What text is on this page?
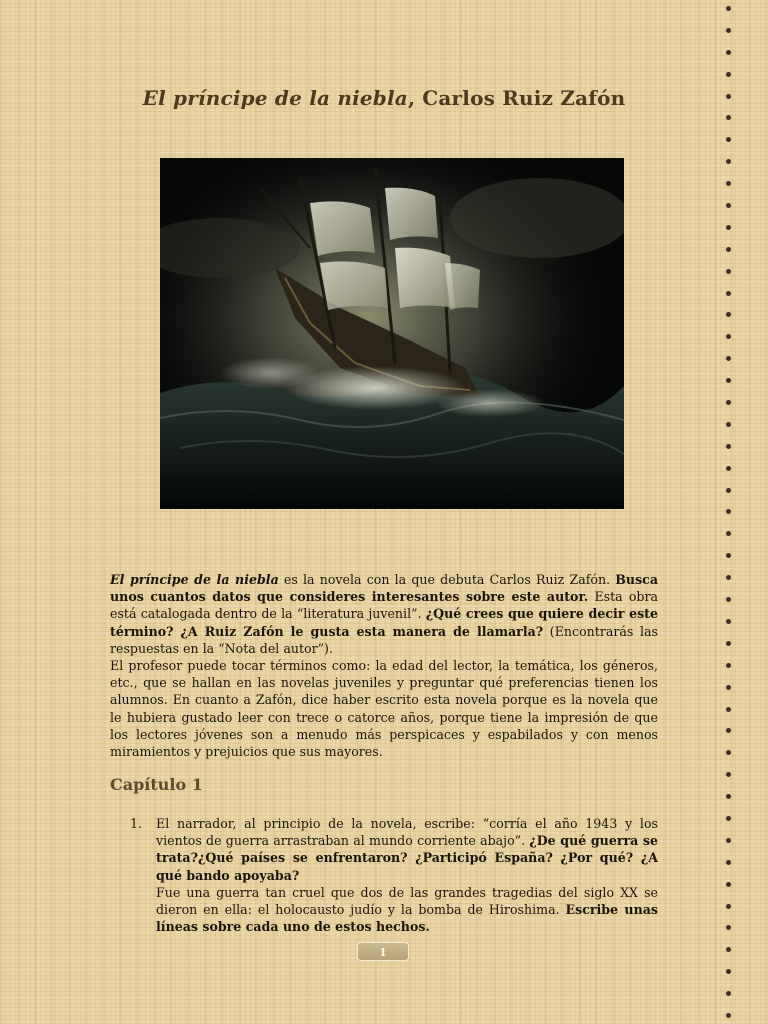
El príncipe de la niebla, Carlos Ruiz Zafón

El príncipe de la niebla es la novela con la que debuta Carlos Ruiz Zafón. Busca unos cuantos datos que consideres interesantes sobre este autor. Esta obra está catalogada dentro de la “literatura juvenil”. ¿Qué crees que quiere decir este término? ¿A Ruiz Zafón le gusta esta manera de llamarla? (Encontrarás las respuestas en la “Nota del autor”).

El profesor puede tocar términos como: la edad del lector, la temática, los géneros, etc., que se hallan en las novelas juveniles y preguntar qué preferencias tienen los alumnos. En cuanto a Zafón, dice haber escrito esta novela porque es la novela que le hubiera gustado leer con trece o catorce años, porque tiene la impresión de que los lectores jóvenes son a menudo más perspicaces y espabilados y con menos miramientos y prejuicios que sus mayores.

Capítulo 1
1.	El narrador, al principio de la novela, escribe: “corría el año 1943 y los vientos de guerra arrastraban al mundo corriente abajo”. ¿De qué guerra se trata?¿Qué países se enfrentaron? ¿Participó España? ¿Por qué? ¿A qué bando apoyaba?

Fue una guerra tan cruel que dos de las grandes tragedias del siglo XX se dieron en ella: el holocausto judío y la bomba de Hiroshima. Escribe unas líneas sobre cada uno de estos hechos.

1
